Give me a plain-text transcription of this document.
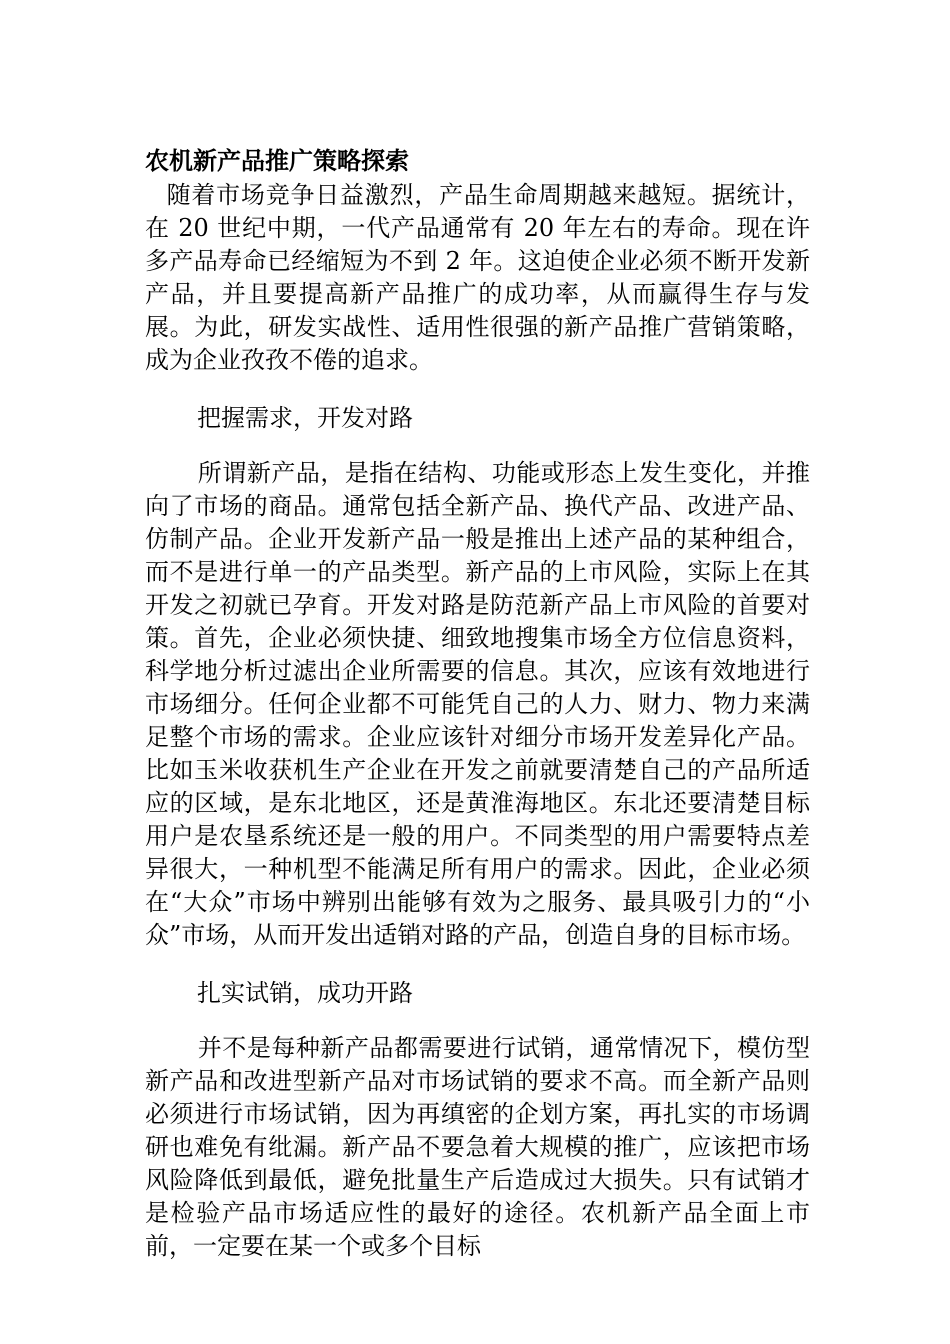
农机新产品推广策略探索

随着市场竞争日益激烈，产品生命周期越来越短。据统计，在 20 世纪中期，一代产品通常有 20 年左右的寿命。现在许多产品寿命已经缩短为不到 2 年。这迫使企业必须不断开发新产品，并且要提高新产品推广的成功率，从而赢得生存与发展。为此，研发实战性、适用性很强的新产品推广营销策略，成为企业孜孜不倦的追求。

把握需求，开发对路

所谓新产品，是指在结构、功能或形态上发生变化，并推向了市场的商品。通常包括全新产品、换代产品、改进产品、仿制产品。企业开发新产品一般是推出上述产品的某种组合，而不是进行单一的产品类型。新产品的上市风险，实际上在其开发之初就已孕育。开发对路是防范新产品上市风险的首要对策。首先，企业必须快捷、细致地搜集市场全方位信息资料，科学地分析过滤出企业所需要的信息。其次，应该有效地进行市场细分。任何企业都不可能凭自己的人力、财力、物力来满足整个市场的需求。企业应该针对细分市场开发差异化产品。比如玉米收获机生产企业在开发之前就要清楚自己的产品所适应的区域，是东北地区，还是黄淮海地区。东北还要清楚目标用户是农垦系统还是一般的用户。不同类型的用户需要特点差异很大，一种机型不能满足所有用户的需求。因此，企业必须在“大众”市场中辨别出能够有效为之服务、最具吸引力的“小众”市场，从而开发出适销对路的产品，创造自身的目标市场。

扎实试销，成功开路

并不是每种新产品都需要进行试销，通常情况下，模仿型新产品和改进型新产品对市场试销的要求不高。而全新产品则必须进行市场试销，因为再缜密的企划方案，再扎实的市场调研也难免有纰漏。新产品不要急着大规模的推广，应该把市场风险降低到最低，避免批量生产后造成过大损失。只有试销才是检验产品市场适应性的最好的途径。农机新产品全面上市前，一定要在某一个或多个目标
